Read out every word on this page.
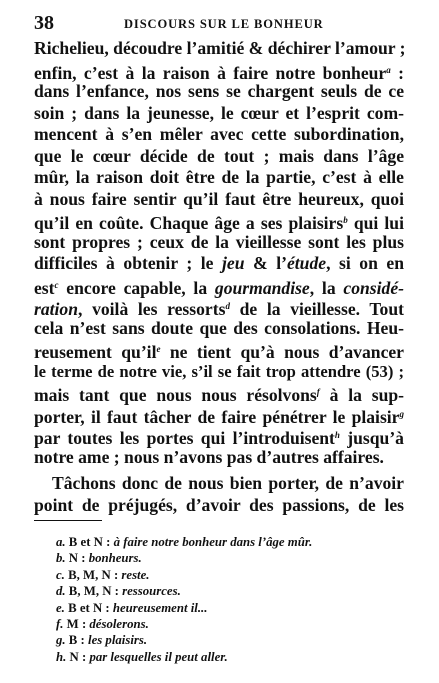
38	DISCOURS SUR LE BONHEUR
Richelieu, découdre l’amitié & déchirer l’amour ;
enfin, c’est à la raison à faire notre bonheur$^a$ :
dans l’enfance, nos sens se chargent seuls de ce
soin ; dans la jeunesse, le cœur et l’esprit com-
mencent à s’en mêler avec cette subordination,
que le cœur décide de tout ; mais dans l’âge
mûr, la raison doit être de la partie, c’est à elle
à nous faire sentir qu’il faut être heureux, quoi
qu’il en coûte. Chaque âge a ses plaisirs$^b$ qui lui
sont propres ; ceux de la vieillesse sont les plus
difficiles à obtenir ; le jeu & l’étude, si on en
est$^c$ encore capable, la gourmandise, la considé-
ration, voilà les ressorts$^d$ de la vieillesse. Tout
cela n’est sans doute que des consolations. Heu-
reusement $qu’il^e$ ne tient qu’à nous d’avancer
le terme de notre vie, s’il se fait trop attendre (53) ;
mais tant que nous nous résolvons$^f$ à la sup-
porter, il faut tâcher de faire pénétrer le plaisir$^g$
par toutes les portes qui l’introduisent$^h$ jusqu’à
notre ame ; nous n’avons pas d’autres affaires.
Tâchons donc de nous bien porter, de n’avoir
point de préjugés, d’avoir des passions, de les
a. B et N : à faire notre bonheur dans l’âge mûr.
b. N : bonheurs.
c. B, M, N : reste.
d. B, M, N : ressources.
e. B et N : heureusement il...
f. M : désolerons.
g. B : les plaisirs.
h. N : par lesquelles il peut aller.
